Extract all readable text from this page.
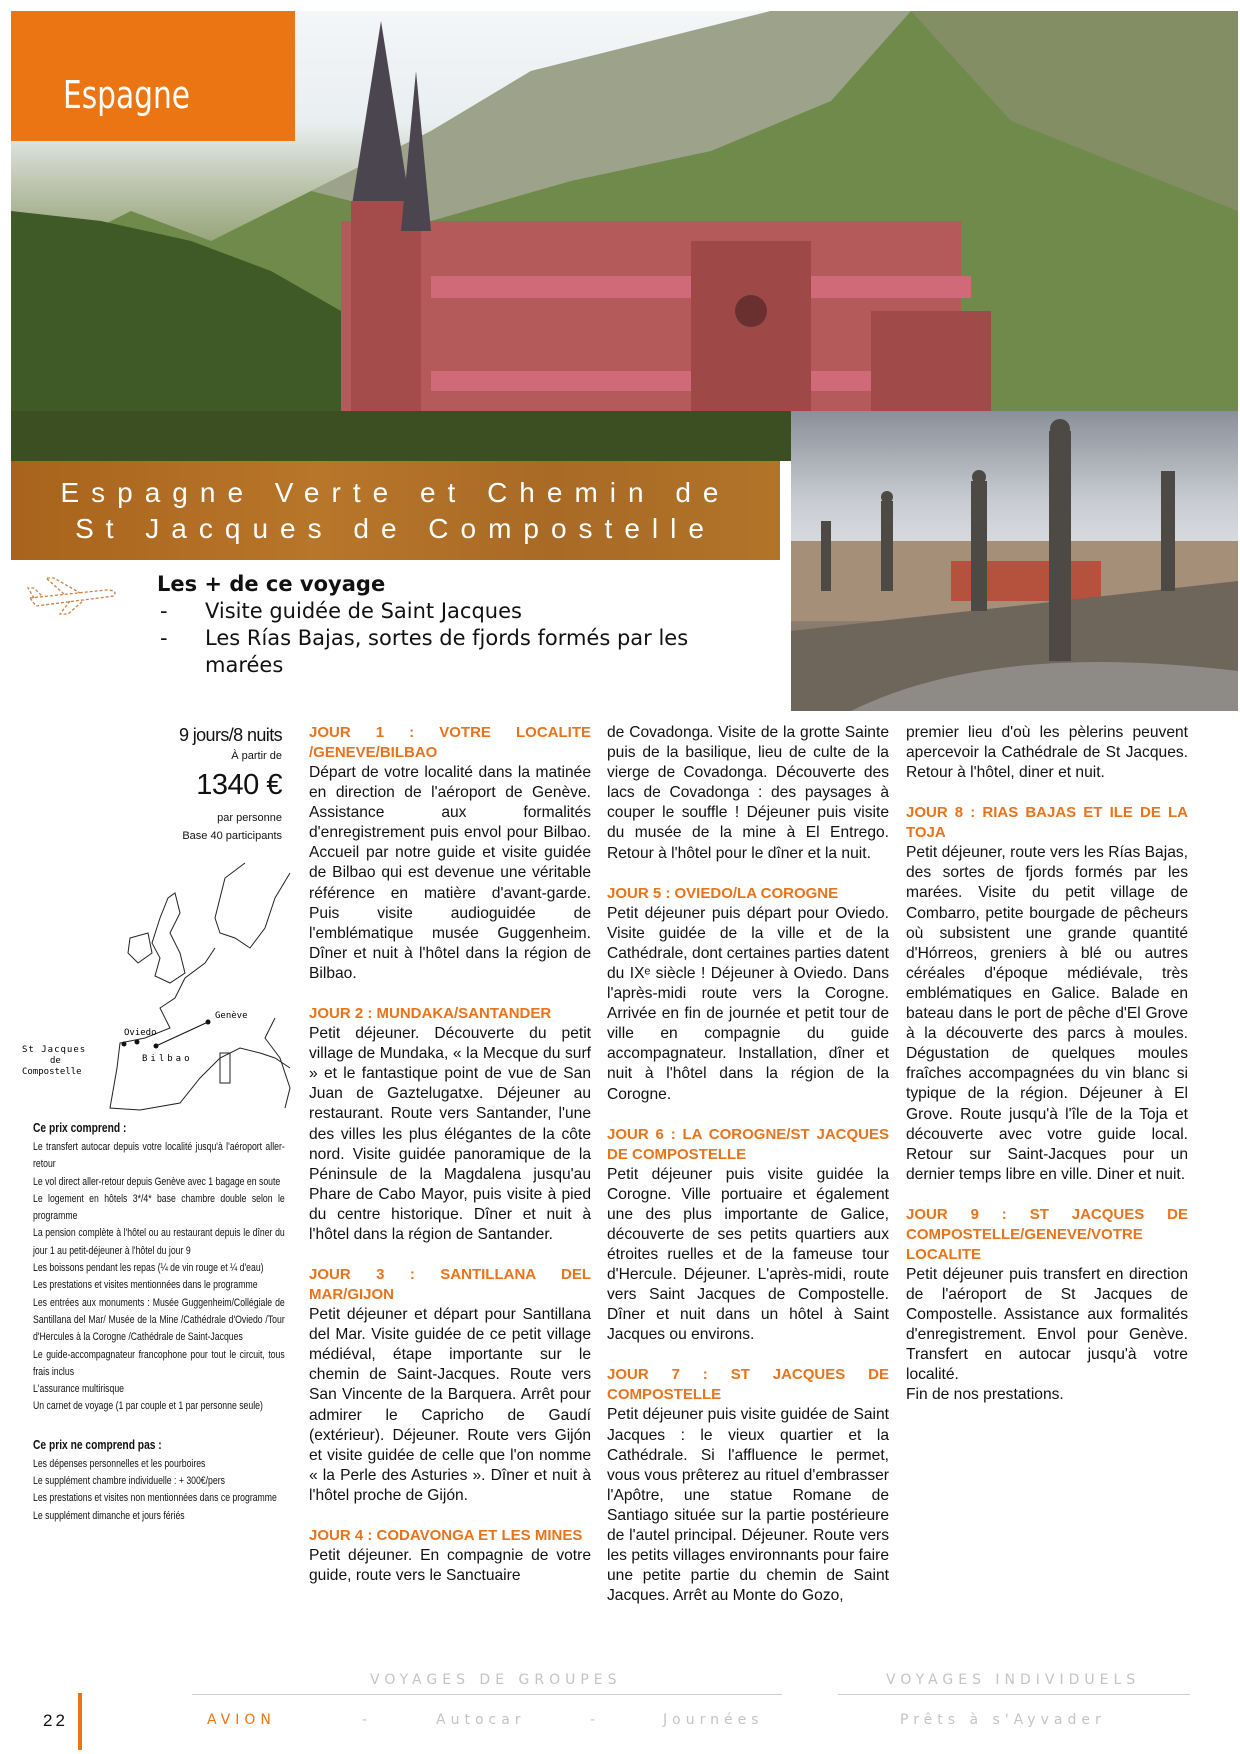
Espagne
Espagne Verte et Chemin de
St Jacques de Compostelle
Les + de ce voyage
- Visite guidée de Saint Jacques
- Les Rías Bajas, sortes de fjords formés par les marées
9 jours/8 nuits
À partir de
1340 €
par personne
Base 40 participants
Genève
Oviedo
Bilbao
St Jacques
de
Compostelle
Ce prix comprend :

Le transfert autocar depuis votre localité jusqu'à l'aéroport aller-retour

Le vol direct aller-retour depuis Genève avec 1 bagage en soute

Le logement en hôtels 3*/4* base chambre double selon le programme

La pension complète à l'hôtel ou au restaurant depuis le dîner du jour 1 au petit-déjeuner à l'hôtel du jour 9

Les boissons pendant les repas (¼ de vin rouge et ¼ d'eau)

Les prestations et visites mentionnées dans le programme

Les entrées aux monuments : Musée Guggenheim/Collégiale de Santillana del Mar/ Musée de la Mine /Cathédrale d'Oviedo /Tour d'Hercules à la Corogne /Cathédrale de Saint-Jacques

Le guide-accompagnateur francophone pour tout le circuit, tous frais inclus

L'assurance multirisque

Un carnet de voyage (1 par couple et 1 par personne seule)

Ce prix ne comprend pas :

Les dépenses personnelles et les pourboires

Le supplément chambre individuelle : + 300€/pers

Les prestations et visites non mentionnées dans ce programme

Le supplément dimanche et jours fériés

JOUR 1 : VOTRE LOCALITE /GENEVE/BILBAO

Départ de votre localité dans la matinée en direction de l'aéroport de Genève. Assistance aux formalités d'enregistrement puis envol pour Bilbao. Accueil par notre guide et visite guidée de Bilbao qui est devenue une véritable référence en matière d'avant-garde. Puis visite audioguidée de l'emblématique musée Guggenheim. Dîner et nuit à l'hôtel dans la région de Bilbao.

JOUR 2 : MUNDAKA/SANTANDER

Petit déjeuner. Découverte du petit village de Mundaka, « la Mecque du surf » et le fantastique point de vue de San Juan de Gaztelugatxe. Déjeuner au restaurant. Route vers Santander, l'une des villes les plus élégantes de la côte nord. Visite guidée panoramique de la Péninsule de la Magdalena jusqu'au Phare de Cabo Mayor, puis visite à pied du centre historique. Dîner et nuit à l'hôtel dans la région de Santander.

JOUR 3 : SANTILLANA DEL MAR/GIJON

Petit déjeuner et départ pour Santillana del Mar. Visite guidée de ce petit village médiéval, étape importante sur le chemin de Saint-Jacques. Route vers San Vincente de la Barquera. Arrêt pour admirer le Capricho de Gaudí (extérieur). Déjeuner. Route vers Gijón et visite guidée de celle que l'on nomme « la Perle des Asturies ». Dîner et nuit à l'hôtel proche de Gijón.

JOUR 4 : CODAVONGA ET LES MINES

Petit déjeuner. En compagnie de votre guide, route vers le Sanctuaire

de Covadonga. Visite de la grotte Sainte puis de la basilique, lieu de culte de la vierge de Covadonga. Découverte des lacs de Covadonga : des paysages à couper le souffle ! Déjeuner puis visite du musée de la mine à El Entrego. Retour à l'hôtel pour le dîner et la nuit.

JOUR 5 : OVIEDO/LA COROGNE

Petit déjeuner puis départ pour Oviedo. Visite guidée de la ville et de la Cathédrale, dont certaines parties datent du IXᵉ siècle ! Déjeuner à Oviedo. Dans l'après-midi route vers la Corogne. Arrivée en fin de journée et petit tour de ville en compagnie du guide accompagnateur. Installation, dîner et nuit à l'hôtel dans la région de la Corogne.

JOUR 6 : LA COROGNE/ST JACQUES DE COMPOSTELLE

Petit déjeuner puis visite guidée la Corogne. Ville portuaire et également une des plus importante de Galice, découverte de ses petits quartiers aux étroites ruelles et de la fameuse tour d'Hercule. Déjeuner. L'après-midi, route vers Saint Jacques de Compostelle. Dîner et nuit dans un hôtel à Saint Jacques ou environs.

JOUR 7 : ST JACQUES DE COMPOSTELLE

Petit déjeuner puis visite guidée de Saint Jacques : le vieux quartier et la Cathédrale. Si l'affluence le permet, vous vous prêterez au rituel d'embrasser l'Apôtre, une statue Romane de Santiago située sur la partie postérieure de l'autel principal. Déjeuner. Route vers les petits villages environnants pour faire une petite partie du chemin de Saint Jacques. Arrêt au Monte do Gozo,

premier lieu d'où les pèlerins peuvent apercevoir la Cathédrale de St Jacques. Retour à l'hôtel, diner et nuit.

JOUR 8 : RIAS BAJAS ET ILE DE LA TOJA

Petit déjeuner, route vers les Rías Bajas, des sortes de fjords formés par les marées. Visite du petit village de Combarro, petite bourgade de pêcheurs où subsistent une grande quantité d'Hórreos, greniers à blé ou autres céréales d'époque médiévale, très emblématiques en Galice. Balade en bateau dans le port de pêche d'El Grove à la découverte des parcs à moules. Dégustation de quelques moules fraîches accompagnées du vin blanc si typique de la région. Déjeuner à El Grove. Route jusqu'à l'île de la Toja et découverte avec votre guide local. Retour sur Saint-Jacques pour un dernier temps libre en ville. Diner et nuit.

JOUR 9 : ST JACQUES DE COMPOSTELLE/GENEVE/VOTRE LOCALITE

Petit déjeuner puis transfert en direction de l'aéroport de St Jacques de Compostelle. Assistance aux formalités d'enregistrement. Envol pour Genève. Transfert en autocar jusqu'à votre localité.

Fin de nos prestations.

22
VOYAGES DE GROUPES	VOYAGES INDIVIDUELS
AVION	-	Autocar	-	Journées	Prêts à s'Ayvader
